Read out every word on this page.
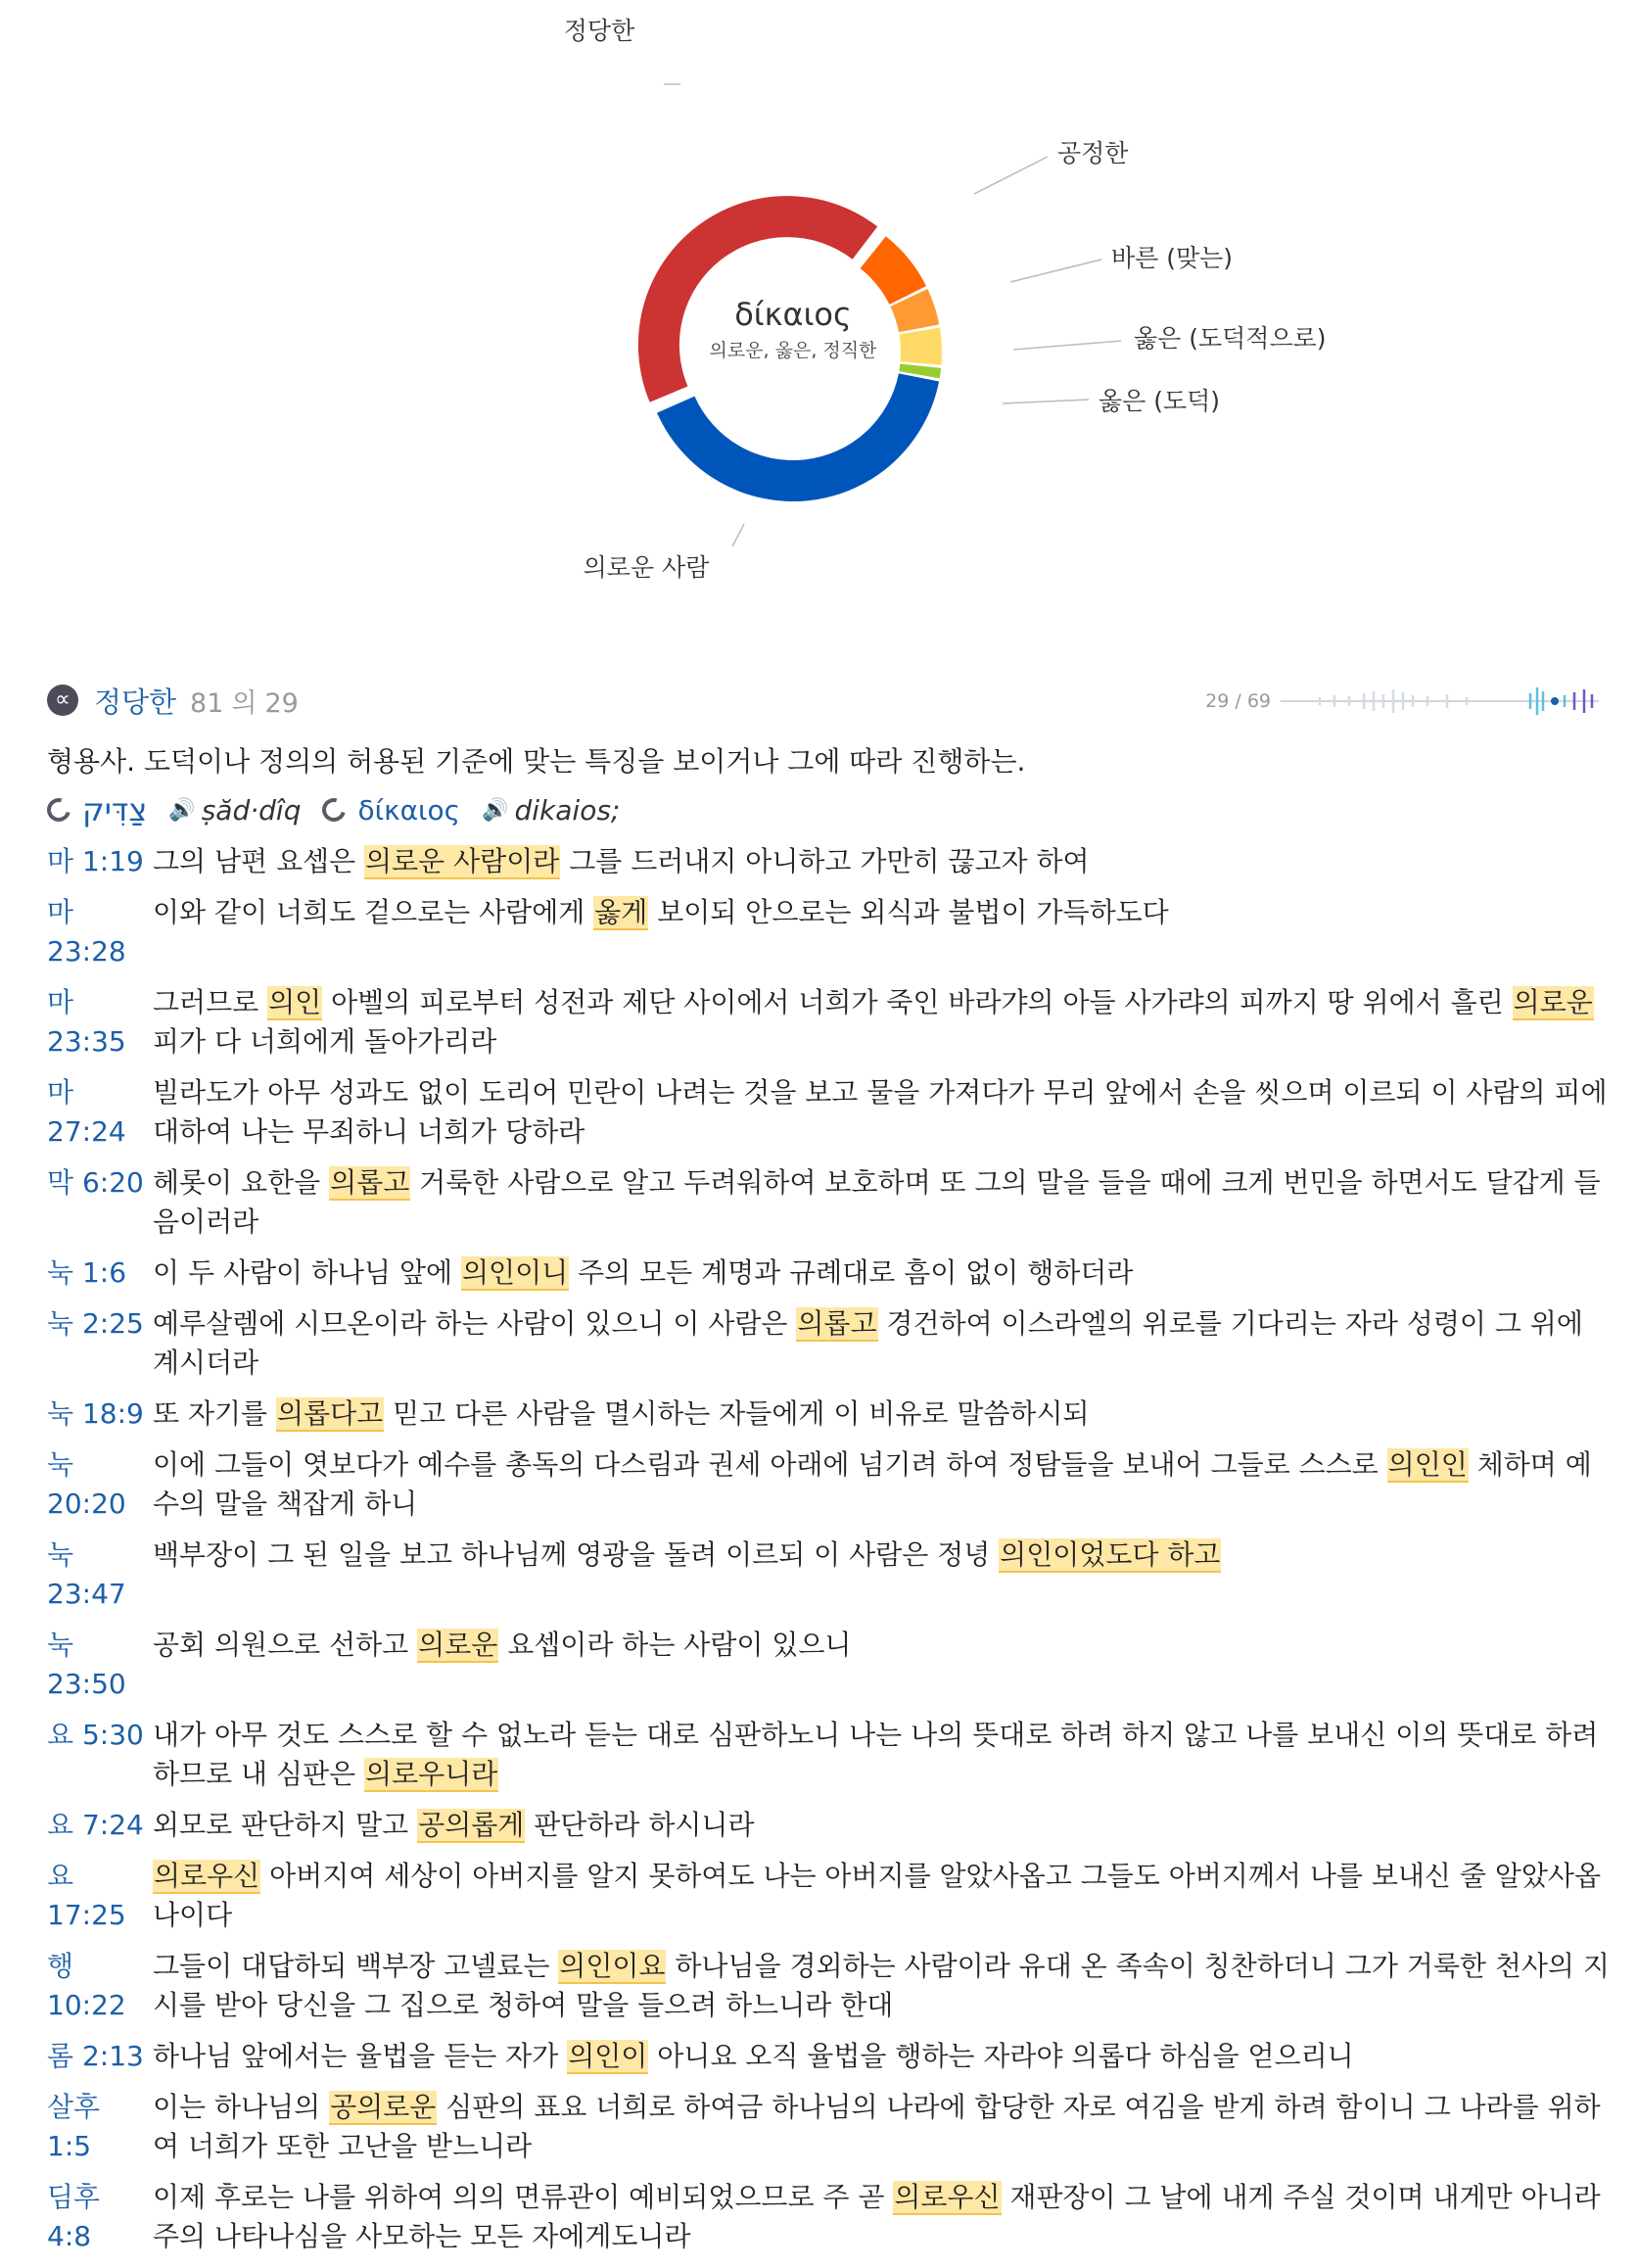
정당한
공정한
바른 (맞는)
옳은 (도덕적으로)
옳은 (도덕)
의로운 사람
δίκαιος
의로운, 옳은, 정직한
∝ 정당한 81 의 29	29 / 69
형용사. 도덕이나 정의의 허용된 기준에 맞는 특징을 보이거나 그에 따라 진행하는.
צַדִּיק 🔊 ṣăd·dîq δίκαιος 🔊 dikaios;
마 1:19 그의 남편 요셉은 의로운 사람이라 그를 드러내지 아니하고 가만히 끊고자 하여
마 23:28
이와 같이 너희도 겉으로는 사람에게 옳게 보이되 안으로는 외식과 불법이 가득하도다
마 23:35
그러므로 의인 아벨의 피로부터 성전과 제단 사이에서 너희가 죽인 바라갸의 아들 사가랴의 피까지 땅 위에서 흘린 의로운 피가 다 너희에게 돌아가리라
마 27:24
빌라도가 아무 성과도 없이 도리어 민란이 나려는 것을 보고 물을 가져다가 무리 앞에서 손을 씻으며 이르되 이 사람의 피에 대하여 나는 무죄하니 너희가 당하라
막 6:20 헤롯이 요한을 의롭고 거룩한 사람으로 알고 두려워하여 보호하며 또 그의 말을 들을 때에 크게 번민을 하면서도 달갑게 들음이러라
눅 1:6 이 두 사람이 하나님 앞에 의인이니 주의 모든 계명과 규례대로 흠이 없이 행하더라
눅 2:25 예루살렘에 시므온이라 하는 사람이 있으니 이 사람은 의롭고 경건하여 이스라엘의 위로를 기다리는 자라 성령이 그 위에 계시더라
눅 18:9 또 자기를 의롭다고 믿고 다른 사람을 멸시하는 자들에게 이 비유로 말씀하시되
눅 20:20
이에 그들이 엿보다가 예수를 총독의 다스림과 권세 아래에 넘기려 하여 정탐들을 보내어 그들로 스스로 의인인 체하며 예수의 말을 책잡게 하니
눅 23:47
백부장이 그 된 일을 보고 하나님께 영광을 돌려 이르되 이 사람은 정녕 의인이었도다 하고
눅 23:50
공회 의원으로 선하고 의로운 요셉이라 하는 사람이 있으니
요 5:30 내가 아무 것도 스스로 할 수 없노라 듣는 대로 심판하노니 나는 나의 뜻대로 하려 하지 않고 나를 보내신 이의 뜻대로 하려 하므로 내 심판은 의로우니라
요 7:24 외모로 판단하지 말고 공의롭게 판단하라 하시니라
요 17:25
의로우신 아버지여 세상이 아버지를 알지 못하여도 나는 아버지를 알았사옵고 그들도 아버지께서 나를 보내신 줄 알았사옵나이다
행 10:22
그들이 대답하되 백부장 고넬료는 의인이요 하나님을 경외하는 사람이라 유대 온 족속이 칭찬하더니 그가 거룩한 천사의 지시를 받아 당신을 그 집으로 청하여 말을 들으려 하느니라 한대
롬 2:13 하나님 앞에서는 율법을 듣는 자가 의인이 아니요 오직 율법을 행하는 자라야 의롭다 하심을 얻으리니
살후 1:5
이는 하나님의 공의로운 심판의 표요 너희로 하여금 하나님의 나라에 합당한 자로 여김을 받게 하려 함이니 그 나라를 위하여 너희가 또한 고난을 받느니라
딤후 4:8
이제 후로는 나를 위하여 의의 면류관이 예비되었으므로 주 곧 의로우신 재판장이 그 날에 내게 주실 것이며 내게만 아니라 주의 나타나심을 사모하는 모든 자에게도니라
